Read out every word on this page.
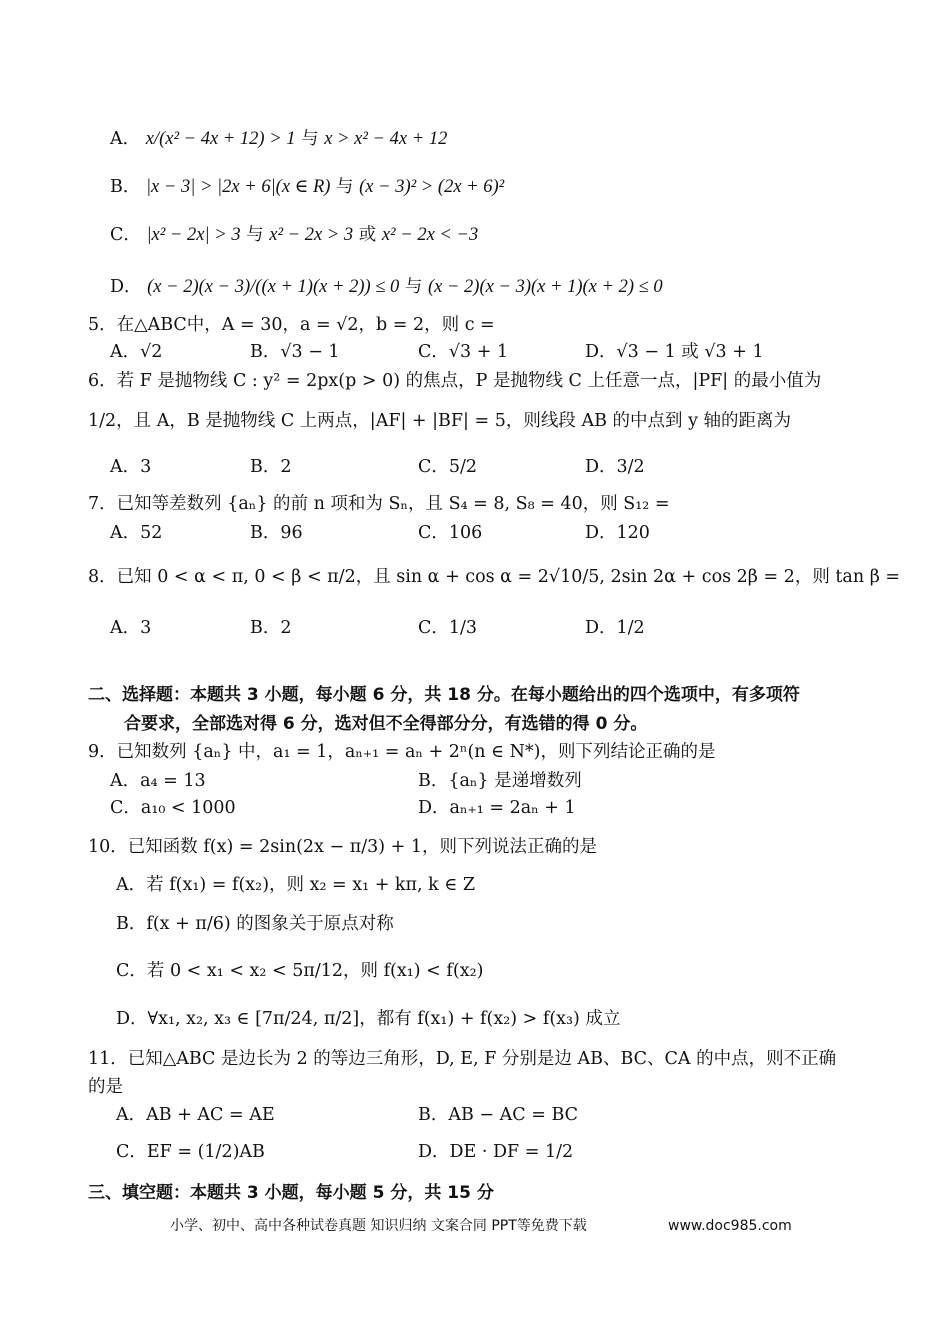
A． x/(x² − 4x + 12) > 1 与 x > x² − 4x + 12
B． |x − 3| > |2x + 6|(x ∈ R) 与 (x − 3)² > (2x + 6)²
C． |x² − 2x| > 3 与 x² − 2x > 3 或 x² − 2x < −3
D． (x − 2)(x − 3)/((x + 1)(x + 2)) ≤ 0 与 (x − 2)(x − 3)(x + 1)(x + 2) ≤ 0
5．在△ABC中，A = 30，a = √2，b = 2，则 c =
A．√2	B．√3 − 1	C．√3 + 1	D．√3 − 1 或 √3 + 1
6．若 F 是抛物线 C : y² = 2px(p > 0) 的焦点，P 是抛物线 C 上任意一点，|PF| 的最小值为
1/2，且 A，B 是抛物线 C 上两点，|AF| + |BF| = 5，则线段 AB 的中点到 y 轴的距离为
A．3	B．2	C．5/2	D．3/2
7．已知等差数列 {aₙ} 的前 n 项和为 Sₙ，且 S₄ = 8, S₈ = 40，则 S₁₂ =
A．52	B．96	C．106	D．120
8．已知 0 < α < π, 0 < β < π/2，且 sin α + cos α = 2√10/5, 2sin 2α + cos 2β = 2，则 tan β =
A．3	B．2	C．1/3	D．1/2
二、选择题：本题共 3 小题，每小题 6 分，共 18 分。在每小题给出的四个选项中，有多项符
合要求，全部选对得 6 分，选对但不全得部分分，有选错的得 0 分。
9．已知数列 {aₙ} 中，a₁ = 1，aₙ₊₁ = aₙ + 2ⁿ(n ∈ N*)，则下列结论正确的是
A．a₄ = 13	B．{aₙ} 是递增数列
C．a₁₀ < 1000	D．aₙ₊₁ = 2aₙ + 1
10．已知函数 f(x) = 2sin(2x − π/3) + 1，则下列说法正确的是
A．若 f(x₁) = f(x₂)，则 x₂ = x₁ + kπ, k ∈ Z
B．f(x + π/6) 的图象关于原点对称
C．若 0 < x₁ < x₂ < 5π/12，则 f(x₁) < f(x₂)
D．∀x₁, x₂, x₃ ∈ [7π/24, π/2]，都有 f(x₁) + f(x₂) > f(x₃) 成立
11．已知△ABC 是边长为 2 的等边三角形，D, E, F 分别是边 AB、BC、CA 的中点，则不正确
的是
A．AB + AC = AE	B．AB − AC = BC
C．EF = (1/2)AB	D．DE · DF = 1/2
三、填空题：本题共 3 小题，每小题 5 分，共 15 分
小学、初中、高中各种试卷真题 知识归纳 文案合同 PPT等免费下载	www.doc985.com
